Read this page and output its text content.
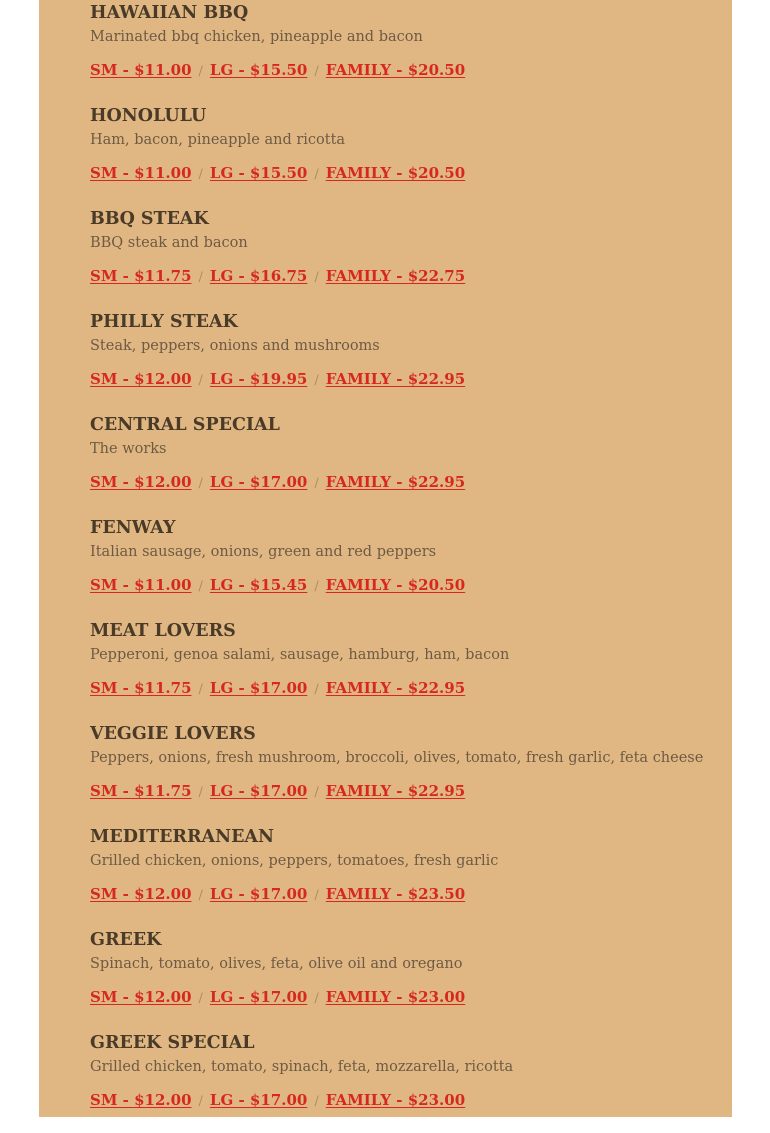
HAWAIIAN BBQ
Marinated bbq chicken, pineapple and bacon
SM - $11.00 / LG - $15.50 / FAMILY - $20.50
HONOLULU
Ham, bacon, pineapple and ricotta
SM - $11.00 / LG - $15.50 / FAMILY - $20.50
BBQ STEAK
BBQ steak and bacon
SM - $11.75 / LG - $16.75 / FAMILY - $22.75
PHILLY STEAK
Steak, peppers, onions and mushrooms
SM - $12.00 / LG - $19.95 / FAMILY - $22.95
CENTRAL SPECIAL
The works
SM - $12.00 / LG - $17.00 / FAMILY - $22.95
FENWAY
Italian sausage, onions, green and red peppers
SM - $11.00 / LG - $15.45 / FAMILY - $20.50
MEAT LOVERS
Pepperoni, genoa salami, sausage, hamburg, ham, bacon
SM - $11.75 / LG - $17.00 / FAMILY - $22.95
VEGGIE LOVERS
Peppers, onions, fresh mushroom, broccoli, olives, tomato, fresh garlic, feta cheese
SM - $11.75 / LG - $17.00 / FAMILY - $22.95
MEDITERRANEAN
Grilled chicken, onions, peppers, tomatoes, fresh garlic
SM - $12.00 / LG - $17.00 / FAMILY - $23.50
GREEK
Spinach, tomato, olives, feta, olive oil and oregano
SM - $12.00 / LG - $17.00 / FAMILY - $23.00
GREEK SPECIAL
Grilled chicken, tomato, spinach, feta, mozzarella, ricotta
SM - $12.00 / LG - $17.00 / FAMILY - $23.00
